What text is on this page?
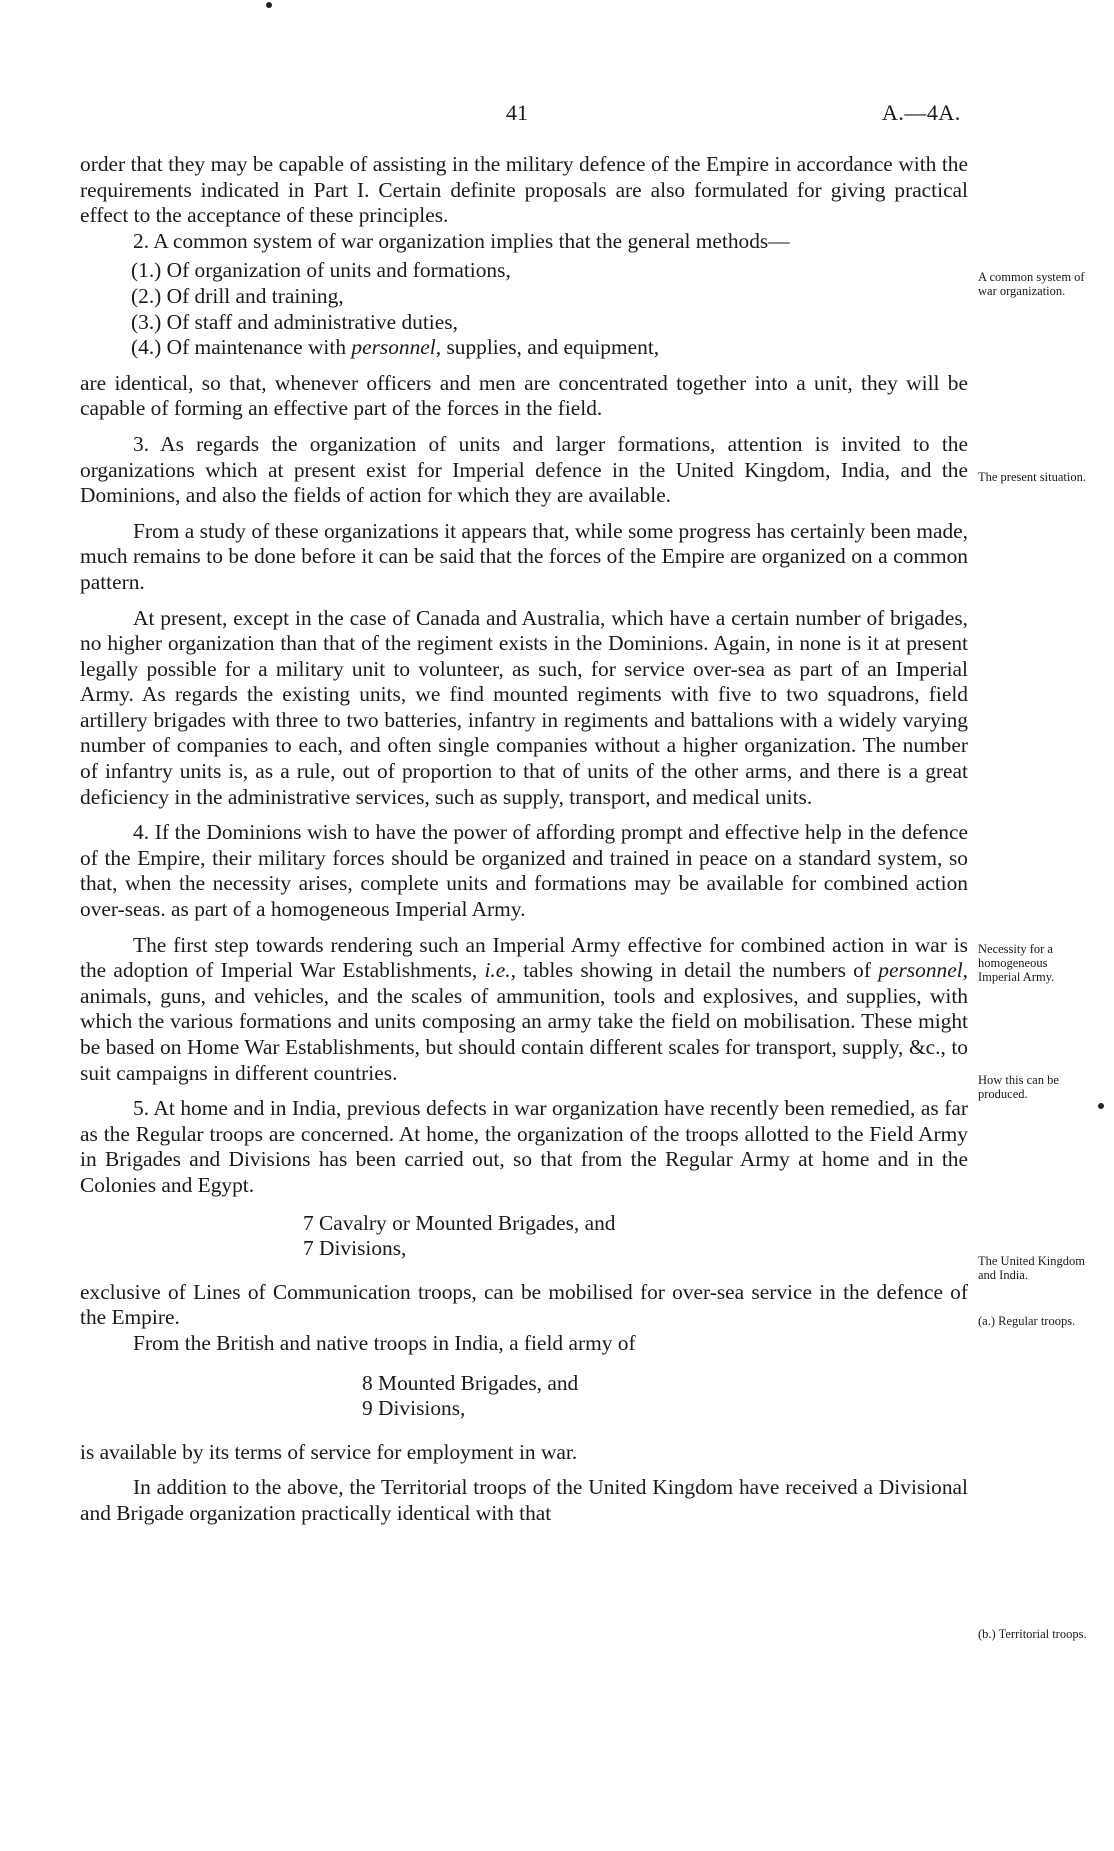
41	A.—4A.

order that they may be capable of assisting in the military defence of the Empire in accordance with the requirements indicated in Part I. Certain definite proposals are also formulated for giving practical effect to the acceptance of these principles.

2. A common system of war organization implies that the general methods—

(1.) Of organization of units and formations,
(2.) Of drill and training,
(3.) Of staff and administrative duties,
(4.) Of maintenance with personnel, supplies, and equipment,

are identical, so that, whenever officers and men are concentrated together into a unit, they will be capable of forming an effective part of the forces in the field.

3. As regards the organization of units and larger formations, attention is invited to the organizations which at present exist for Imperial defence in the United Kingdom, India, and the Dominions, and also the fields of action for which they are available.

From a study of these organizations it appears that, while some progress has certainly been made, much remains to be done before it can be said that the forces of the Empire are organized on a common pattern.

At present, except in the case of Canada and Australia, which have a certain number of brigades, no higher organization than that of the regiment exists in the Dominions. Again, in none is it at present legally possible for a military unit to volunteer, as such, for service over-sea as part of an Imperial Army. As regards the existing units, we find mounted regiments with five to two squadrons, field artillery brigades with three to two batteries, infantry in regiments and battalions with a widely varying number of companies to each, and often single companies without a higher organization. The number of infantry units is, as a rule, out of proportion to that of units of the other arms, and there is a great deficiency in the administrative services, such as supply, transport, and medical units.

4. If the Dominions wish to have the power of affording prompt and effective help in the defence of the Empire, their military forces should be organized and trained in peace on a standard system, so that, when the necessity arises, complete units and formations may be available for combined action over-seas. as part of a homogeneous Imperial Army.

The first step towards rendering such an Imperial Army effective for combined action in war is the adoption of Imperial War Establishments, i.e., tables showing in detail the numbers of personnel, animals, guns, and vehicles, and the scales of ammunition, tools and explosives, and supplies, with which the various formations and units composing an army take the field on mobilisation. These might be based on Home War Establishments, but should contain different scales for transport, supply, &c., to suit campaigns in different countries.

5. At home and in India, previous defects in war organization have recently been remedied, as far as the Regular troops are concerned. At home, the organization of the troops allotted to the Field Army in Brigades and Divisions has been carried out, so that from the Regular Army at home and in the Colonies and Egypt.

7 Cavalry or Mounted Brigades, and
7 Divisions,

exclusive of Lines of Communication troops, can be mobilised for over-sea service in the defence of the Empire.

From the British and native troops in India, a field army of

8 Mounted Brigades, and
9 Divisions,

is available by its terms of service for employment in war.

In addition to the above, the Territorial troops of the United Kingdom have received a Divisional and Brigade organization practically identical with that

A common system of war organization.
The present situation.
Necessity for a homogeneous Imperial Army.
How this can be produced.
The United Kingdom and India.
(a.) Regular troops.
(b.) Territorial troops.
